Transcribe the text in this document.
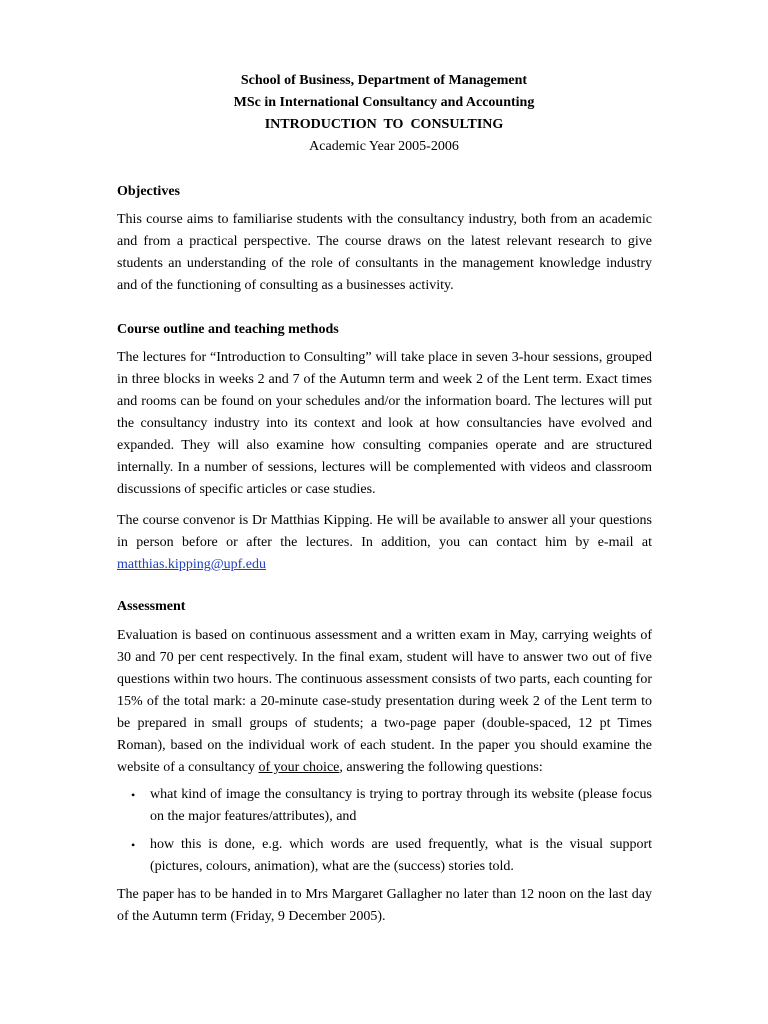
School of Business, Department of Management
MSc in International Consultancy and Accounting
INTRODUCTION  TO  CONSULTING
Academic Year 2005-2006
Objectives
This course aims to familiarise students with the consultancy industry, both from an academic and from a practical perspective. The course draws on the latest relevant research to give students an understanding of the role of consultants in the management knowledge industry and of the functioning of consulting as a businesses activity.
Course outline and teaching methods
The lectures for “Introduction to Consulting” will take place in seven 3-hour sessions, grouped in three blocks in weeks 2 and 7 of the Autumn term and week 2 of the Lent term. Exact times and rooms can be found on your schedules and/or the information board. The lectures will put the consultancy industry into its context and look at how consultancies have evolved and expanded. They will also examine how consulting companies operate and are structured internally. In a number of sessions, lectures will be complemented with videos and classroom discussions of specific articles or case studies.
The course convenor is Dr Matthias Kipping. He will be available to answer all your questions in person before or after the lectures. In addition, you can contact him by e-mail at matthias.kipping@upf.edu
Assessment
Evaluation is based on continuous assessment and a written exam in May, carrying weights of 30 and 70 per cent respectively. In the final exam, student will have to answer two out of five questions within two hours. The continuous assessment consists of two parts, each counting for 15% of the total mark: a 20-minute case-study presentation during week 2 of the Lent term to be prepared in small groups of students; a two-page paper (double-spaced, 12 pt Times Roman), based on the individual work of each student. In the paper you should examine the website of a consultancy of your choice, answering the following questions:
• what kind of image the consultancy is trying to portray through its website (please focus on the major features/attributes), and
• how this is done, e.g. which words are used frequently, what is the visual support (pictures, colours, animation), what are the (success) stories told.
The paper has to be handed in to Mrs Margaret Gallagher no later than 12 noon on the last day of the Autumn term (Friday, 9 December 2005).
